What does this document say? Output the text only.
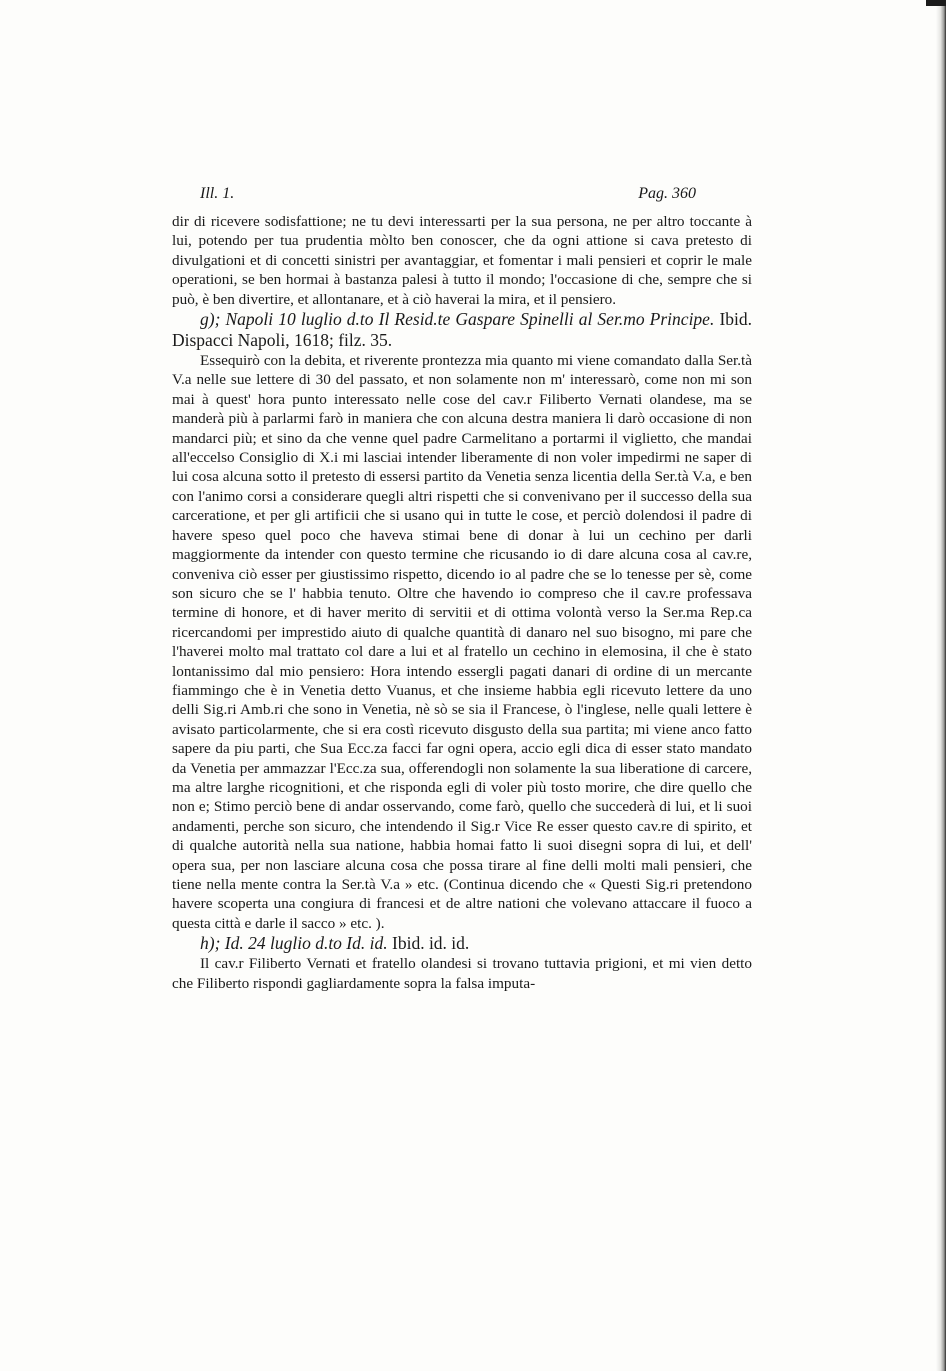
Ill. 1.	Pag. 360

dir di ricevere sodisfattione; ne tu devi interessarti per la sua persona, ne per altro toccante à lui, potendo per tua prudentia mòlto ben conoscer, che da ogni attione si cava pretesto di divulgationi et di concetti sinistri per avantaggiar, et fomentar i mali pensieri et coprir le male operationi, se ben hormai à bastanza palesi à tutto il mondo; l'occasione di che, sempre che si può, è ben divertire, et allontanare, et à ciò haverai la mira, et il pensiero.

g); Napoli 10 luglio d.to Il Resid.te Gaspare Spinelli al Ser.mo Principe. Ibid. Dispacci Napoli, 1618; filz. 35.

Essequirò con la debita, et riverente prontezza mia quanto mi viene comandato dalla Ser.tà V.a nelle sue lettere di 30 del passato, et non solamente non m' interessarò, come non mi son mai à quest' hora punto interessato nelle cose del cav.r Filiberto Vernati olandese, ma se manderà più à parlarmi farò in maniera che con alcuna destra maniera li darò occasione di non mandarci più; et sino da che venne quel padre Carmelitano a portarmi il viglietto, che mandai all'eccelso Consiglio di X.i mi lasciai intender liberamente di non voler impedirmi ne saper di lui cosa alcuna sotto il pretesto di essersi partito da Venetia senza licentia della Ser.tà V.a, e ben con l'animo corsi a considerare quegli altri rispetti che si convenivano per il successo della sua carceratione, et per gli artificii che si usano qui in tutte le cose, et perciò dolendosi il padre di havere speso quel poco che haveva stimai bene di donar à lui un cechino per darli maggiormente da intender con questo termine che ricusando io di dare alcuna cosa al cav.re, conveniva ciò esser per giustissimo rispetto, dicendo io al padre che se lo tenesse per sè, come son sicuro che se l' habbia tenuto. Oltre che havendo io compreso che il cav.re professava termine di honore, et di haver merito di servitii et di ottima volontà verso la Ser.ma Rep.ca ricercandomi per imprestido aiuto di qualche quantità di danaro nel suo bisogno, mi pare che l'haverei molto mal trattato col dare a lui et al fratello un cechino in elemosina, il che è stato lontanissimo dal mio pensiero: Hora intendo essergli pagati danari di ordine di un mercante fiammingo che è in Venetia detto Vuanus, et che insieme habbia egli ricevuto lettere da uno delli Sig.ri Amb.ri che sono in Venetia, nè sò se sia il Francese, ò l'inglese, nelle quali lettere è avisato particolarmente, che si era costì ricevuto disgusto della sua partita; mi viene anco fatto sapere da piu parti, che Sua Ecc.za facci far ogni opera, accio egli dica di esser stato mandato da Venetia per ammazzar l'Ecc.za sua, offerendogli non solamente la sua liberatione di carcere, ma altre larghe ricognitioni, et che risponda egli di voler più tosto morire, che dire quello che non e; Stimo perciò bene di andar osservando, come farò, quello che succederà di lui, et li suoi andamenti, perche son sicuro, che intendendo il Sig.r Vice Re esser questo cav.re di spirito, et di qualche autorità nella sua natione, habbia homai fatto li suoi disegni sopra di lui, et dell' opera sua, per non lasciare alcuna cosa che possa tirare al fine delli molti mali pensieri, che tiene nella mente contra la Ser.tà V.a » etc. (Continua dicendo che « Questi Sig.ri pretendono havere scoperta una congiura di francesi et de altre nationi che volevano attaccare il fuoco a questa città e darle il sacco » etc. ).

h); Id. 24 luglio d.to Id. id. Ibid. id. id.

Il cav.r Filiberto Vernati et fratello olandesi si trovano tuttavia prigioni, et mi vien detto che Filiberto rispondi gagliardamente sopra la falsa imputa-
